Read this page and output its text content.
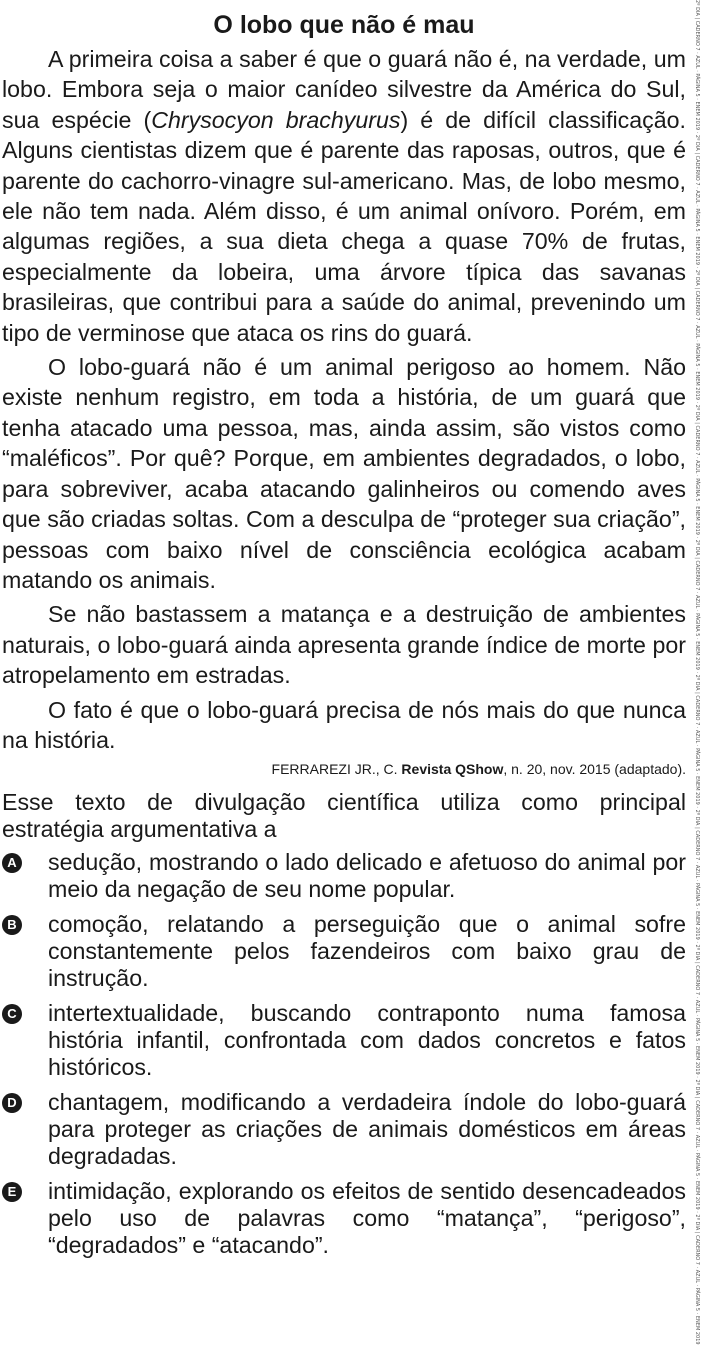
O lobo que não é mau

A primeira coisa a saber é que o guará não é, na verdade, um lobo. Embora seja o maior canídeo silvestre da América do Sul, sua espécie (Chrysocyon brachyurus) é de difícil classificação. Alguns cientistas dizem que é parente das raposas, outros, que é parente do cachorro-vinagre sul-americano. Mas, de lobo mesmo, ele não tem nada. Além disso, é um animal onívoro. Porém, em algumas regiões, a sua dieta chega a quase 70% de frutas, especialmente da lobeira, uma árvore típica das savanas brasileiras, que contribui para a saúde do animal, prevenindo um tipo de verminose que ataca os rins do guará.

O lobo-guará não é um animal perigoso ao homem. Não existe nenhum registro, em toda a história, de um guará que tenha atacado uma pessoa, mas, ainda assim, são vistos como “maléficos”. Por quê? Porque, em ambientes degradados, o lobo, para sobreviver, acaba atacando galinheiros ou comendo aves que são criadas soltas. Com a desculpa de “proteger sua criação”, pessoas com baixo nível de consciência ecológica acabam matando os animais.

Se não bastassem a matança e a destruição de ambientes naturais, o lobo-guará ainda apresenta grande índice de morte por atropelamento em estradas.

O fato é que o lobo-guará precisa de nós mais do que nunca na história.

FERRAREZI JR., C. Revista QShow, n. 20, nov. 2015 (adaptado).
Esse texto de divulgação científica utiliza como principal estratégia argumentativa a
A sedução, mostrando o lado delicado e afetuoso do animal por meio da negação de seu nome popular.
B comoção, relatando a perseguição que o animal sofre constantemente pelos fazendeiros com baixo grau de instrução.
C intertextualidade, buscando contraponto numa famosa história infantil, confrontada com dados concretos e fatos históricos.
D chantagem, modificando a verdadeira índole do lobo-guará para proteger as criações de animais domésticos em áreas degradadas.
E intimidação, explorando os efeitos de sentido desencadeados pelo uso de palavras como “matança”, “perigoso”, “degradados” e “atacando”.	2º DIA | CADERNO 7 · AZUL · PÁGINA 5 · ENEM 2019 · 2º DIA | CADERNO 7 · AZUL · PÁGINA 5 · ENEM 2019 · 2º DIA | CADERNO 7 · AZUL · PÁGINA 5 · ENEM 2019 · 2º DIA | CADERNO 7 · AZUL · PÁGINA 5 · ENEM 2019 · 2º DIA | CADERNO 7 · AZUL · PÁGINA 5 · ENEM 2019 · 2º DIA | CADERNO 7 · AZUL · PÁGINA 5 · ENEM 2019 · 2º DIA | CADERNO 7 · AZUL · PÁGINA 5 · ENEM 2019 · 2º DIA | CADERNO 7 · AZUL · PÁGINA 5 · ENEM 2019 · 2º DIA | CADERNO 7 · AZUL · PÁGINA 5 · ENEM 2019 · 2º DIA | CADERNO 7 · AZUL · PÁGINA 5 · ENEM 2019
